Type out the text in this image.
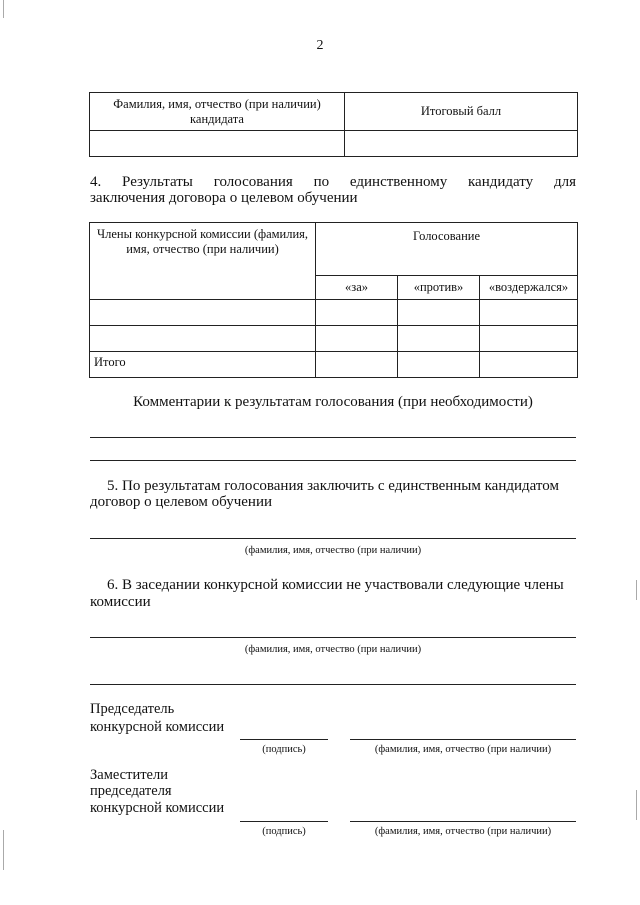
2
Фамилия, имя, отчество (при наличии) кандидата	Итоговый балл

4. Результаты голосования по единственному кандидату для
заключения договора о целевом обучении
Члены конкурсной комиссии (фамилия, имя, отчество (при наличии)	Голосование		
	«за»	«против»	«воздержался»

Итого			
Комментарии к результатам голосования (при необходимости)
5. По результатам голосования заключить с единственным кандидатом
договор о целевом обучении
(фамилия, имя, отчество (при наличии)
6. В заседании конкурсной комиссии не участвовали следующие члены
комиссии
(фамилия, имя, отчество (при наличии)
Председатель
конкурсной комиссии
(подпись)	(фамилия, имя, отчество (при наличии)
Заместители
председателя
конкурсной комиссии
(подпись)	(фамилия, имя, отчество (при наличии)
